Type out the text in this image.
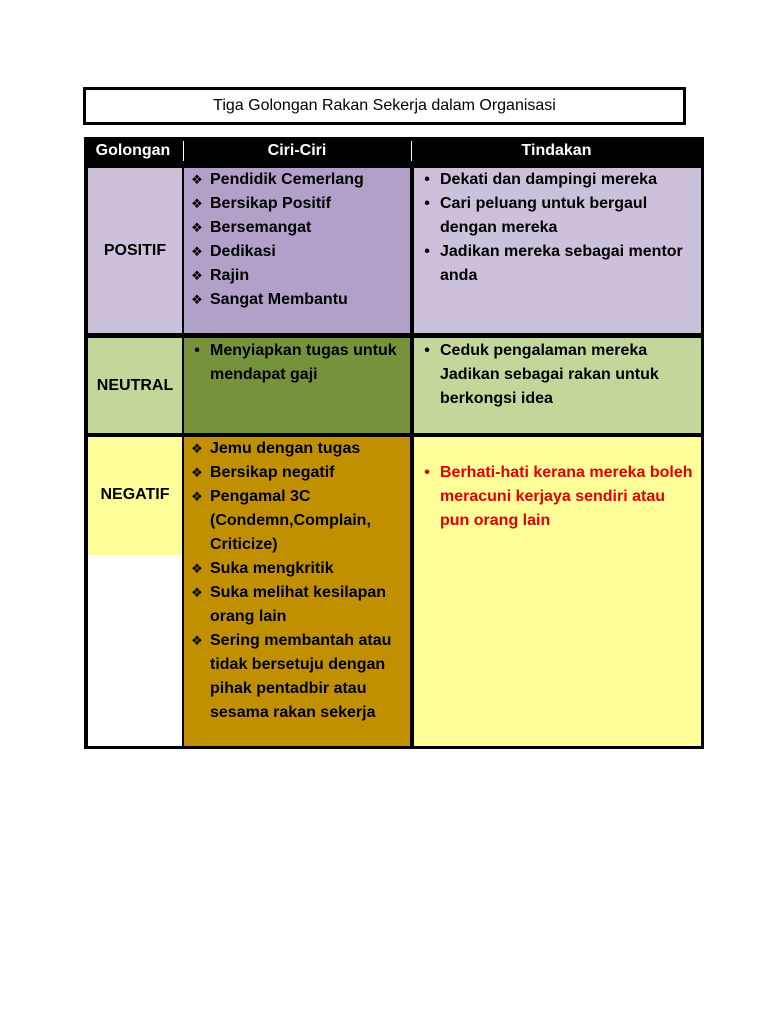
Tiga Golongan Rakan Sekerja dalam Organisasi
Golongan	Ciri-Ciri	Tindakan
POSITIF
❖ Pendidik Cemerlang
❖ Bersikap Positif
❖ Bersemangat
❖ Dedikasi
❖ Rajin
❖ Sangat Membantu
• Dekati dan dampingi mereka
• Cari peluang untuk bergaul dengan mereka
• Jadikan mereka sebagai mentor anda
NEUTRAL
• Menyiapkan tugas untuk mendapat gaji
• Ceduk pengalaman mereka
Jadikan sebagai rakan untuk berkongsi idea
NEGATIF
❖ Jemu dengan tugas
❖ Bersikap negatif
❖ Pengamal 3C (Condemn,Complain, Criticize)
❖ Suka mengkritik
❖ Suka melihat kesilapan orang lain
❖ Sering membantah atau tidak bersetuju dengan pihak pentadbir atau sesama rakan sekerja
• Berhati-hati kerana mereka boleh meracuni kerjaya sendiri atau pun orang lain
